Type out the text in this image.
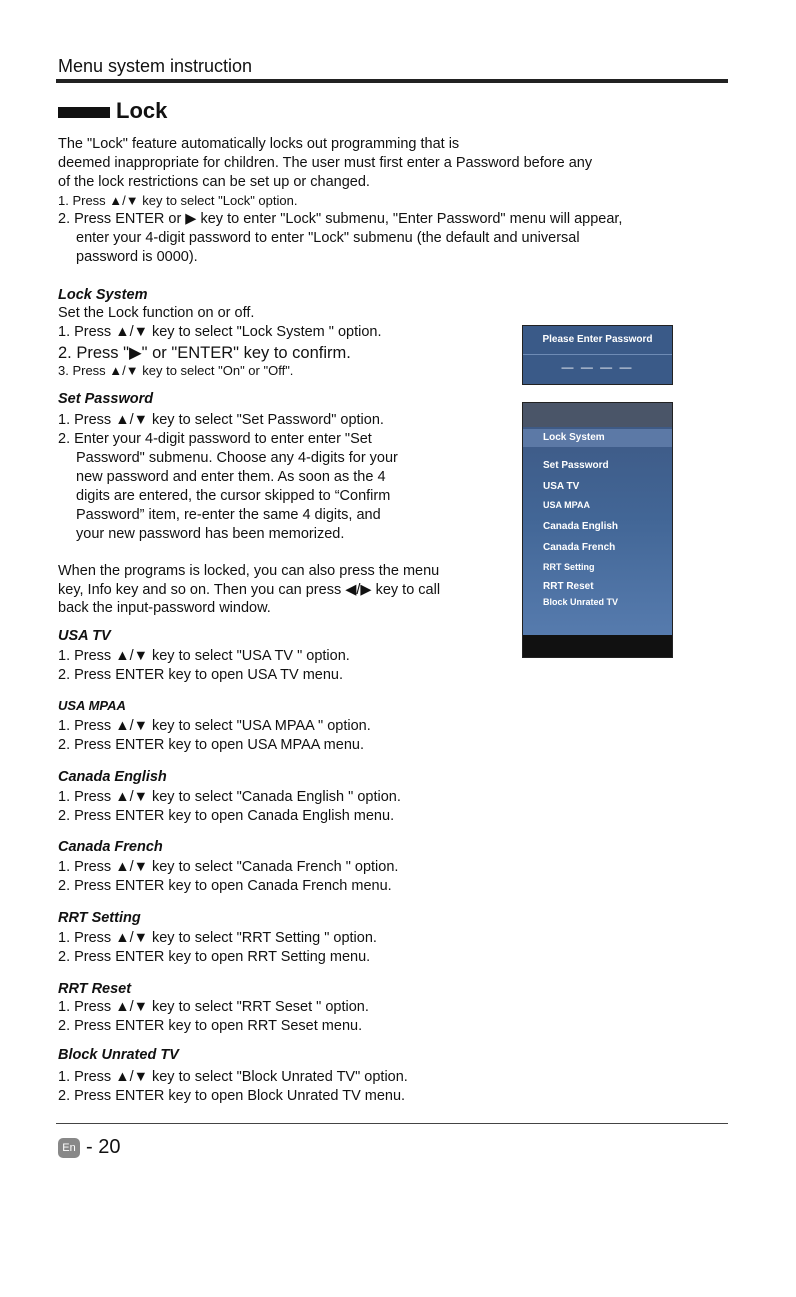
Menu system instruction
Lock
The "Lock" feature automatically locks out programming that is
deemed inappropriate for children. The user must first enter a Password before any
of the lock restrictions can be set up or changed.
1. Press ▲/▼ key to select "Lock" option.
2. Press ENTER or ▶ key to enter "Lock" submenu, "Enter Password" menu will appear,
enter your 4-digit password to enter "Lock" submenu (the default and universal
password is 0000).
Lock System
Set the Lock function on or off.
1. Press ▲/▼ key to select "Lock System " option.
2. Press "▶" or "ENTER" key to confirm.
3. Press ▲/▼ key to select "On" or "Off".
Set Password
1. Press ▲/▼ key to select "Set Password" option.
2. Enter your 4-digit password to enter enter "Set
Password" submenu. Choose any 4-digits for your
new password and enter them. As soon as the 4
digits are entered, the cursor skipped to “Confirm
Password” item, re-enter the same 4 digits, and
your new password has been memorized.
When the programs is locked, you can also press the menu
key, Info key and so on. Then you can press ◀/▶ key to call
back the input-password window.
USA TV
1. Press ▲/▼ key to select "USA TV " option.
2. Press ENTER key to open USA TV menu.
USA MPAA
1. Press ▲/▼ key to select "USA MPAA " option.
2. Press ENTER key to open USA MPAA menu.
Canada English
1. Press ▲/▼ key to select "Canada English " option.
2. Press ENTER key to open Canada English menu.
Canada French
1. Press ▲/▼ key to select "Canada French " option.
2. Press ENTER key to open Canada French menu.
RRT Setting
1. Press ▲/▼ key to select "RRT Setting " option.
2. Press ENTER key to open RRT Setting menu.
RRT Reset
1. Press ▲/▼ key to select "RRT Seset " option.
2. Press ENTER key to open RRT Seset menu.
Block Unrated TV
1. Press ▲/▼ key to select "Block Unrated TV" option.
2. Press ENTER key to open Block Unrated TV menu.
Please Enter Password
— — — —
Lock System
Set Password
USA TV
USA MPAA
Canada English
Canada French
RRT Setting
RRT Reset
Block Unrated TV
En - 20
